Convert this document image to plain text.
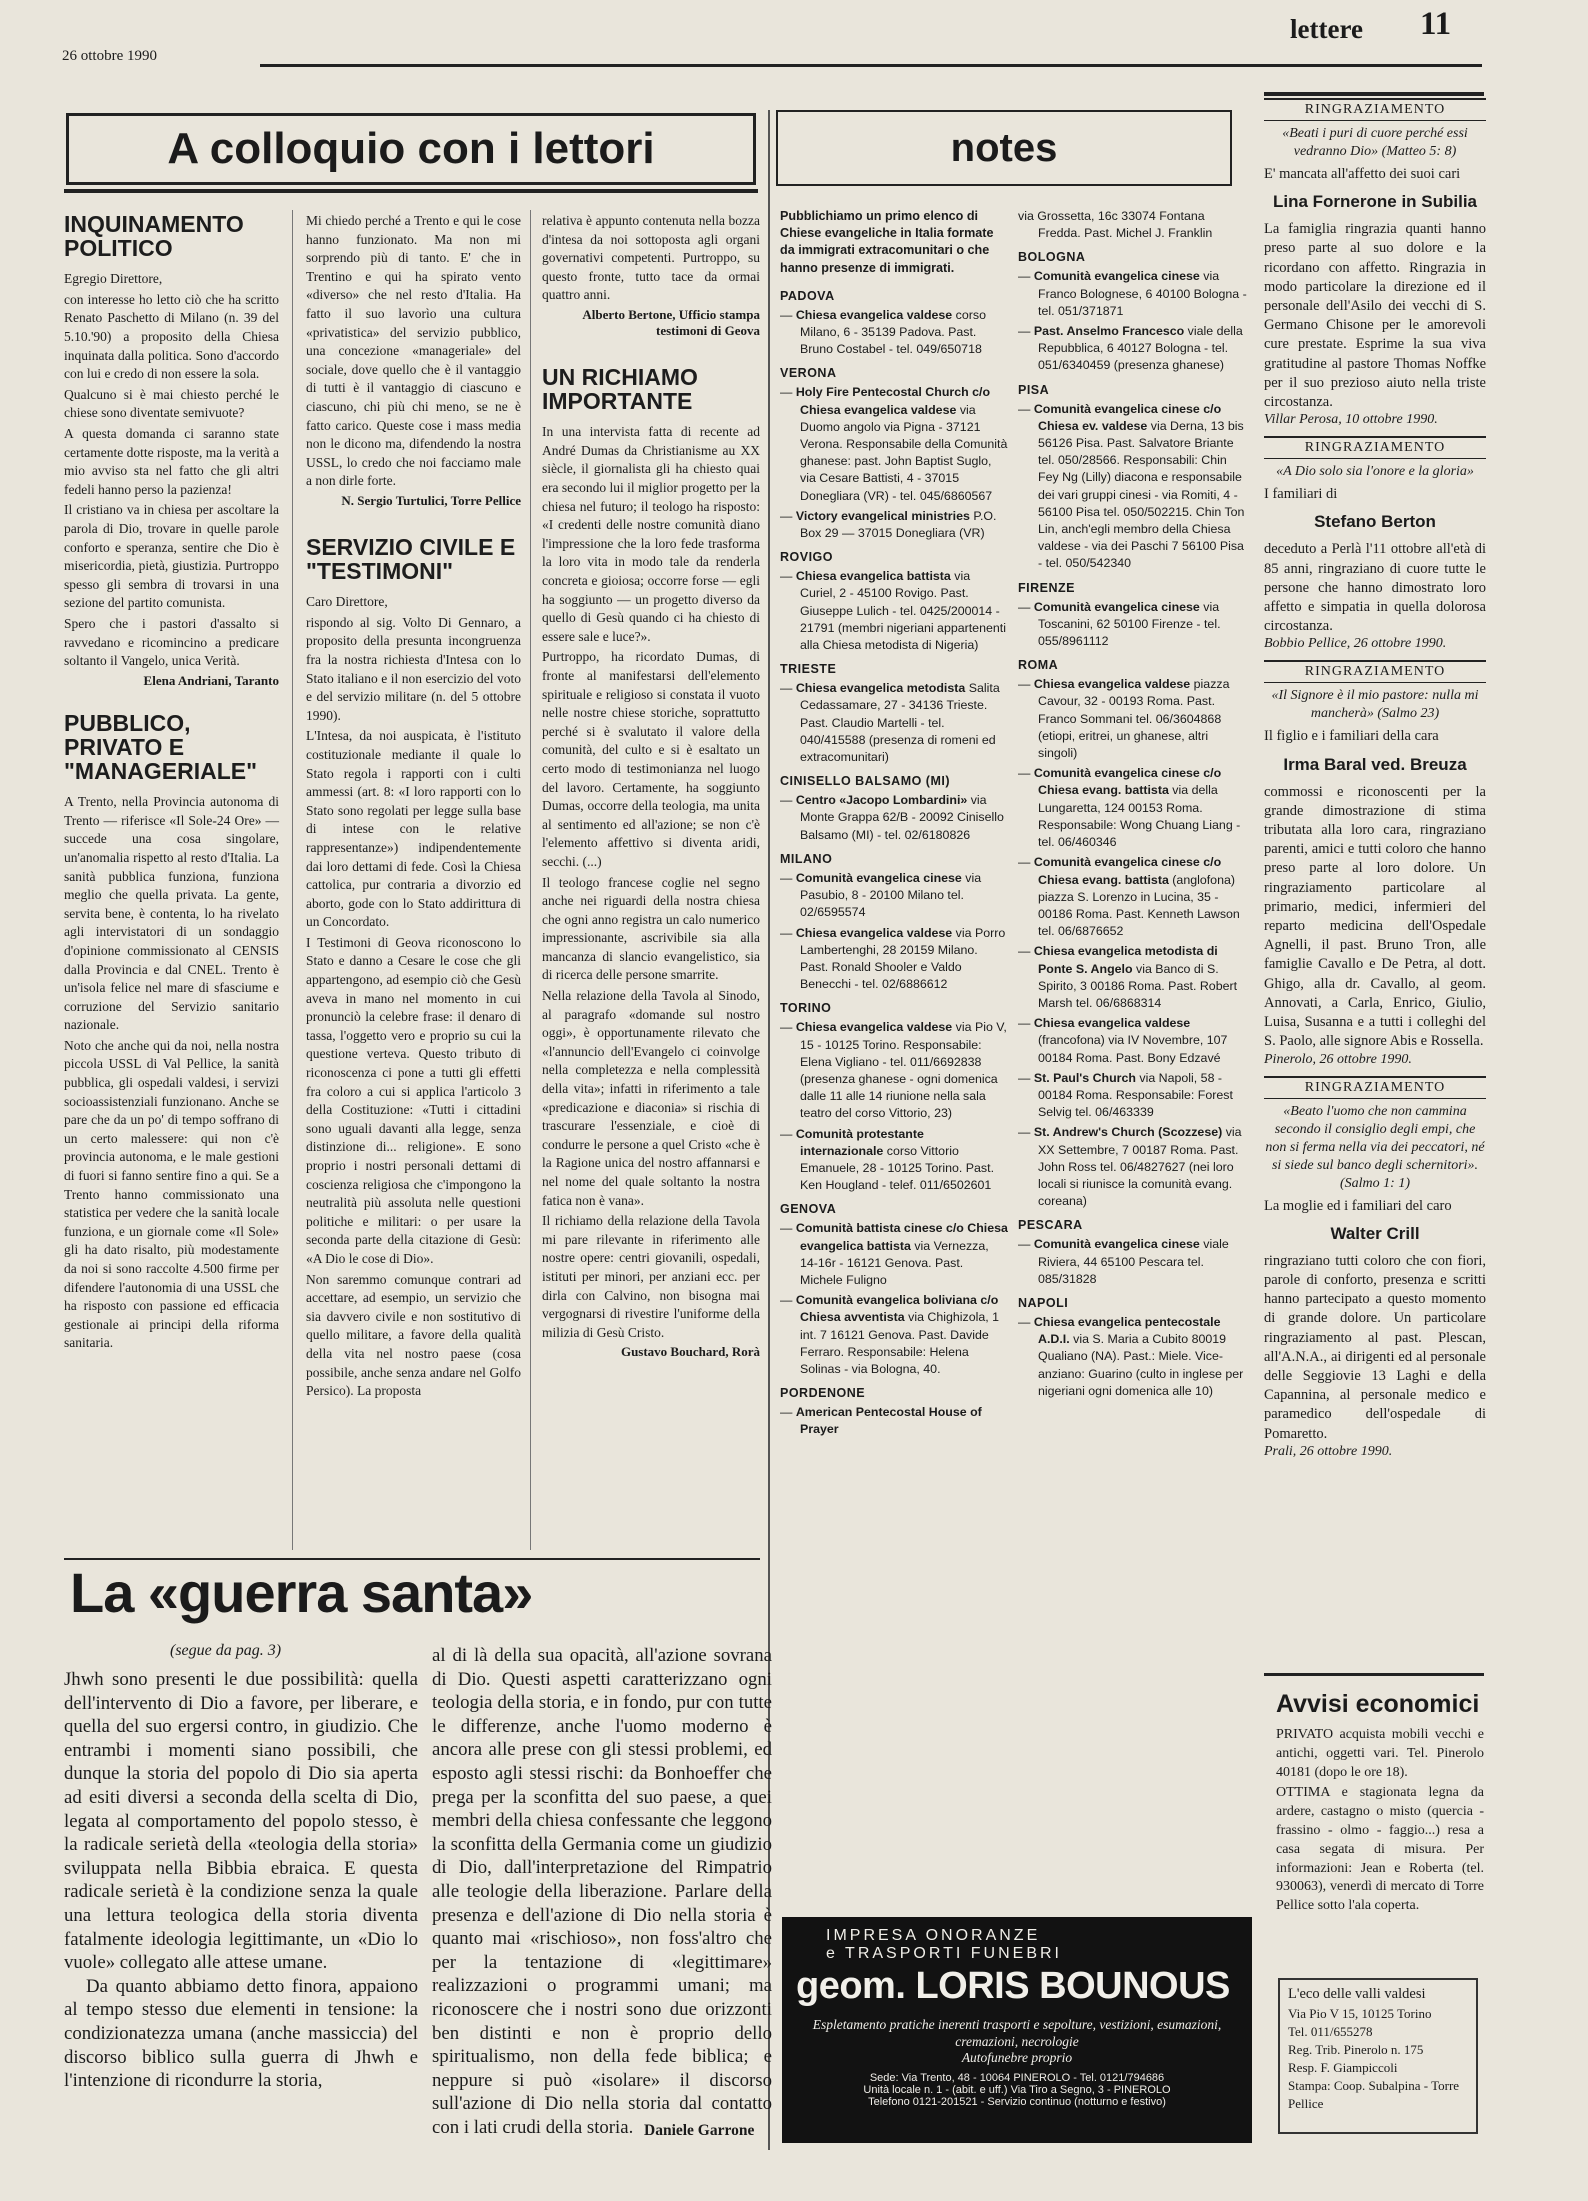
26 ottobre 1990
lettere 11
A colloquio con i lettori	notes
INQUINAMENTO POLITICO
Egregio Direttore,
con interesse ho letto ciò che ha scritto Renato Paschetto di Milano (n. 39 del 5.10.'90) a proposito della Chiesa inquinata dalla politica. Sono d'accordo con lui e credo di non essere la sola.
Qualcuno si è mai chiesto perché le chiese sono diventate semivuote?
A questa domanda ci saranno state certamente dotte risposte, ma la verità a mio avviso sta nel fatto che gli altri fedeli hanno perso la pazienza!
Il cristiano va in chiesa per ascoltare la parola di Dio, trovare in quelle parole conforto e speranza, sentire che Dio è misericordia, pietà, giustizia. Purtroppo spesso gli sembra di trovarsi in una sezione del partito comunista.
Spero che i pastori d'assalto si ravvedano e ricomincino a predicare soltanto il Vangelo, unica Verità.
Elena Andriani, Taranto
PUBBLICO, PRIVATO E "MANAGERIALE"
A Trento, nella Provincia autonoma di Trento — riferisce «Il Sole-24 Ore» — succede una cosa singolare, un'anomalia rispetto al resto d'Italia. La sanità pubblica funziona, funziona meglio che quella privata. La gente, servita bene, è contenta, lo ha rivelato agli intervistatori di un sondaggio d'opinione commissionato al CENSIS dalla Provincia e dal CNEL. Trento è un'isola felice nel mare di sfasciume e corruzione del Servizio sanitario nazionale.
Noto che anche qui da noi, nella nostra piccola USSL di Val Pellice, la sanità pubblica, gli ospedali valdesi, i servizi socioassistenziali funzionano. Anche se pare che da un po' di tempo soffrano di un certo malessere: qui non c'è provincia autonoma, e le male gestioni di fuori si fanno sentire fino a qui. Se a Trento hanno commissionato una statistica per vedere che la sanità locale funziona, e un giornale come «Il Sole» gli ha dato risalto, più modestamente da noi si sono raccolte 4.500 firme per difendere l'autonomia di una USSL che ha risposto con passione ed efficacia gestionale ai principi della riforma sanitaria.
Mi chiedo perché a Trento e qui le cose hanno funzionato. Ma non mi sorprendo più di tanto. E' che in Trentino e qui ha spirato vento «diverso» che nel resto d'Italia. Ha fatto il suo lavorìo una cultura «privatistica» del servizio pubblico, una concezione «manageriale» del sociale, dove quello che è il vantaggio di tutti è il vantaggio di ciascuno e ciascuno, chi più chi meno, se ne è fatto carico. Queste cose i mass media non le dicono ma, difendendo la nostra USSL, lo credo che noi facciamo male a non dirle forte.
N. Sergio Turtulici, Torre Pellice
SERVIZIO CIVILE E "TESTIMONI"
Caro Direttore,
rispondo al sig. Volto Di Gennaro, a proposito della presunta incongruenza fra la nostra richiesta d'Intesa con lo Stato italiano e il non esercizio del voto e del servizio militare (n. del 5 ottobre 1990).
L'Intesa, da noi auspicata, è l'istituto costituzionale mediante il quale lo Stato regola i rapporti con i culti ammessi (art. 8: «I loro rapporti con lo Stato sono regolati per legge sulla base di intese con le relative rappresentanze») indipendentemente dai loro dettami di fede. Così la Chiesa cattolica, pur contraria a divorzio ed aborto, gode con lo Stato addirittura di un Concordato.
I Testimoni di Geova riconoscono lo Stato e danno a Cesare le cose che gli appartengono, ad esempio ciò che Gesù aveva in mano nel momento in cui pronunciò la celebre frase: il denaro di tassa, l'oggetto vero e proprio su cui la questione verteva. Questo tributo di riconoscenza ci pone a tutti gli effetti fra coloro a cui si applica l'articolo 3 della Costituzione: «Tutti i cittadini sono uguali davanti alla legge, senza distinzione di... religione». E sono proprio i nostri personali dettami di coscienza religiosa che c'impongono la neutralità più assoluta nelle questioni politiche e militari: o per usare la seconda parte della citazione di Gesù: «A Dio le cose di Dio».
Non saremmo comunque contrari ad accettare, ad esempio, un servizio che sia davvero civile e non sostitutivo di quello militare, a favore della qualità della vita nel nostro paese (cosa possibile, anche senza andare nel Golfo Persico). La proposta
relativa è appunto contenuta nella bozza d'intesa da noi sottoposta agli organi governativi competenti. Purtroppo, su questo fronte, tutto tace da ormai quattro anni.
Alberto Bertone, Ufficio stampa testimoni di Geova
UN RICHIAMO IMPORTANTE
In una intervista fatta di recente ad André Dumas da Christianisme au XX siècle, il giornalista gli ha chiesto quai era secondo lui il miglior progetto per la chiesa nel futuro; il teologo ha risposto: «I credenti delle nostre comunità diano l'impressione che la loro fede trasforma la loro vita in modo tale da renderla concreta e gioiosa; occorre forse — egli ha soggiunto — un progetto diverso da quello di Gesù quando ci ha chiesto di essere sale e luce?».
Purtroppo, ha ricordato Dumas, di fronte al manifestarsi dell'elemento spirituale e religioso si constata il vuoto nelle nostre chiese storiche, soprattutto perché si è svalutato il valore della comunità, del culto e si è esaltato un certo modo di testimonianza nel luogo del lavoro. Certamente, ha soggiunto Dumas, occorre della teologia, ma unita al sentimento ed all'azione; se non c'è l'elemento affettivo si diventa aridi, secchi. (...)
Il teologo francese coglie nel segno anche nei riguardi della nostra chiesa che ogni anno registra un calo numerico impressionante, ascrivibile sia alla mancanza di slancio evangelistico, sia di ricerca delle persone smarrite.
Nella relazione della Tavola al Sinodo, al paragrafo «domande sul nostro oggi», è opportunamente rilevato che «l'annuncio dell'Evangelo ci coinvolge nella completezza e nella complessità della vita»; infatti in riferimento a tale «predicazione e diaconia» si rischia di trascurare l'essenziale, e cioè di condurre le persone a quel Cristo «che è la Ragione unica del nostro affannarsi e nel nome del quale soltanto la nostra fatica non è vana».
Il richiamo della relazione della Tavola mi pare rilevante in riferimento alle nostre opere: centri giovanili, ospedali, istituti per minori, per anziani ecc. per dirla con Calvino, non bisogna mai vergognarsi di rivestire l'uniforme della milizia di Gesù Cristo.
Gustavo Bouchard, Rorà
Pubblichiamo un primo elenco di Chiese evangeliche in Italia formate da immigrati extracomunitari o che hanno presenze di immigrati.
PADOVA
— Chiesa evangelica valdese corso Milano, 6 - 35139 Padova. Past. Bruno Costabel - tel. 049/650718
VERONA
— Holy Fire Pentecostal Church c/o Chiesa evangelica valdese via Duomo angolo via Pigna - 37121 Verona. Responsabile della Comunità ghanese: past. John Baptist Suglo, via Cesare Battisti, 4 - 37015 Donegliara (VR) - tel. 045/6860567
— Victory evangelical ministries P.O. Box 29 — 37015 Donegliara (VR)
ROVIGO
— Chiesa evangelica battista via Curiel, 2 - 45100 Rovigo. Past. Giuseppe Lulich - tel. 0425/200014 - 21791 (membri nigeriani appartenenti alla Chiesa metodista di Nigeria)
TRIESTE
— Chiesa evangelica metodista Salita Cedassamare, 27 - 34136 Trieste. Past. Claudio Martelli - tel. 040/415588 (presenza di romeni ed extracomunitari)
CINISELLO BALSAMO (MI)
— Centro «Jacopo Lombardini» via Monte Grappa 62/B - 20092 Cinisello Balsamo (MI) - tel. 02/6180826
MILANO
— Comunità evangelica cinese via Pasubio, 8 - 20100 Milano tel. 02/6595574
— Chiesa evangelica valdese via Porro Lambertenghi, 28 20159 Milano. Past. Ronald Shooler e Valdo Benecchi - tel. 02/6886612
TORINO
— Chiesa evangelica valdese via Pio V, 15 - 10125 Torino. Responsabile: Elena Vigliano - tel. 011/6692838 (presenza ghanese - ogni domenica dalle 11 alle 14 riunione nella sala teatro del corso Vittorio, 23)
— Comunità protestante internazionale corso Vittorio Emanuele, 28 - 10125 Torino. Past. Ken Hougland - telef. 011/6502601
GENOVA
— Comunità battista cinese c/o Chiesa evangelica battista via Vernezza, 14-16r - 16121 Genova. Past. Michele Fuligno
— Comunità evangelica boliviana c/o Chiesa avventista via Chighizola, 1 int. 7 16121 Genova. Past. Davide Ferraro. Responsabile: Helena Solinas - via Bologna, 40.
PORDENONE
— American Pentecostal House of Prayer
via Grossetta, 16c 33074 Fontana Fredda. Past. Michel J. Franklin
BOLOGNA
— Comunità evangelica cinese via Franco Bolognese, 6 40100 Bologna - tel. 051/371871
— Past. Anselmo Francesco viale della Repubblica, 6 40127 Bologna - tel. 051/6340459 (presenza ghanese)
PISA
— Comunità evangelica cinese c/o Chiesa ev. valdese via Derna, 13 bis 56126 Pisa. Past. Salvatore Briante tel. 050/28566. Responsabili: Chin Fey Ng (Lilly) diacona e responsabile dei vari gruppi cinesi - via Romiti, 4 - 56100 Pisa tel. 050/502215. Chin Ton Lin, anch'egli membro della Chiesa valdese - via dei Paschi 7 56100 Pisa - tel. 050/542340
FIRENZE
— Comunità evangelica cinese via Toscanini, 62 50100 Firenze - tel. 055/8961112
ROMA
— Chiesa evangelica valdese piazza Cavour, 32 - 00193 Roma. Past. Franco Sommani tel. 06/3604868 (etiopi, eritrei, un ghanese, altri singoli)
— Comunità evangelica cinese c/o Chiesa evang. battista via della Lungaretta, 124 00153 Roma. Responsabile: Wong Chuang Liang - tel. 06/460346
— Comunità evangelica cinese c/o Chiesa evang. battista (anglofona) piazza S. Lorenzo in Lucina, 35 - 00186 Roma. Past. Kenneth Lawson tel. 06/6876652
— Chiesa evangelica metodista di Ponte S. Angelo via Banco di S. Spirito, 3 00186 Roma. Past. Robert Marsh tel. 06/6868314
— Chiesa evangelica valdese (francofona) via IV Novembre, 107 00184 Roma. Past. Bony Edzavé
— St. Paul's Church via Napoli, 58 - 00184 Roma. Responsabile: Forest Selvig tel. 06/463339
— St. Andrew's Church (Scozzese) via XX Settembre, 7 00187 Roma. Past. John Ross tel. 06/4827627 (nei loro locali si riunisce la comunità evang. coreana)
PESCARA
— Comunità evangelica cinese viale Riviera, 44 65100 Pescara tel. 085/31828
NAPOLI
— Chiesa evangelica pentecostale A.D.I. via S. Maria a Cubito 80019 Qualiano (NA). Past.: Miele. Vice-anziano: Guarino (culto in inglese per nigeriani ogni domenica alle 10)
IMPRESA ONORANZE
e TRASPORTI FUNEBRI
geom. LORIS BOUNOUS
Espletamento pratiche inerenti trasporti e sepolture, vestizioni, esumazioni, cremazioni, necrologie
Autofunebre proprio
Sede: Via Trento, 48 - 10064 PINEROLO - Tel. 0121/794686
Unità locale n. 1 - (abit. e uff.) Via Tiro a Segno, 3 - PINEROLO
Telefono 0121-201521 - Servizio continuo (notturno e festivo)
La «guerra santa»
(segue da pag. 3)
Jhwh sono presenti le due possibilità: quella dell'intervento di Dio a favore, per liberare, e quella del suo ergersi contro, in giudizio. Che entrambi i momenti siano possibili, che dunque la storia del popolo di Dio sia aperta ad esiti diversi a seconda della scelta di Dio, legata al comportamento del popolo stesso, è la radicale serietà della «teologia della storia» sviluppata nella Bibbia ebraica. E questa radicale serietà è la condizione senza la quale una lettura teologica della storia diventa fatalmente ideologia legittimante, un «Dio lo vuole» collegato alle attese umane.
Da quanto abbiamo detto finora, appaiono al tempo stesso due elementi in tensione: la condizionatezza umana (anche massiccia) del discorso biblico sulla guerra di Jhwh e l'intenzione di ricondurre la storia,
al di là della sua opacità, all'azione sovrana di Dio. Questi aspetti caratterizzano ogni teologia della storia, e in fondo, pur con tutte le differenze, anche l'uomo moderno è ancora alle prese con gli stessi problemi, ed esposto agli stessi rischi: da Bonhoeffer che prega per la sconfitta del suo paese, a quei membri della chiesa confessante che leggono la sconfitta della Germania come un giudizio di Dio, dall'interpretazione del Rimpatrio alle teologie della liberazione. Parlare della presenza e dell'azione di Dio nella storia è quanto mai «rischioso», non foss'altro che per la tentazione di «legittimare» realizzazioni o programmi umani; ma riconoscere che i nostri sono due orizzonti ben distinti e non è proprio dello spiritualismo, non della fede biblica; e neppure si può «isolare» il discorso sull'azione di Dio nella storia dal contatto con i lati crudi della storia. Daniele Garrone
RINGRAZIAMENTO
«Beati i puri di cuore perché essi vedranno Dio» (Matteo 5: 8)
E' mancata all'affetto dei suoi cari
Lina Fornerone in Subilia
La famiglia ringrazia quanti hanno preso parte al suo dolore e la ricordano con affetto. Ringrazia in modo particolare la direzione ed il personale dell'Asilo dei vecchi di S. Germano Chisone per le amorevoli cure prestate. Esprime la sua viva gratitudine al pastore Thomas Noffke per il suo prezioso aiuto nella triste circostanza.
Villar Perosa, 10 ottobre 1990.
RINGRAZIAMENTO
«A Dio solo sia l'onore e la gloria»
I familiari di
Stefano Berton
deceduto a Perlà l'11 ottobre all'età di 85 anni, ringraziano di cuore tutte le persone che hanno dimostrato loro affetto e simpatia in quella dolorosa circostanza.
Bobbio Pellice, 26 ottobre 1990.
RINGRAZIAMENTO
«Il Signore è il mio pastore: nulla mi mancherà» (Salmo 23)
Il figlio e i familiari della cara
Irma Baral ved. Breuza
commossi e riconoscenti per la grande dimostrazione di stima tributata alla loro cara, ringraziano parenti, amici e tutti coloro che hanno preso parte al loro dolore. Un ringraziamento particolare al primario, medici, infermieri del reparto medicina dell'Ospedale Agnelli, il past. Bruno Tron, alle famiglie Cavallo e De Petra, al dott. Ghigo, alla dr. Cavallo, al geom. Annovati, a Carla, Enrico, Giulio, Luisa, Susanna e a tutti i colleghi del S. Paolo, alle signore Abis e Rossella.
Pinerolo, 26 ottobre 1990.
RINGRAZIAMENTO
«Beato l'uomo che non cammina secondo il consiglio degli empi, che non si ferma nella via dei peccatori, né si siede sul banco degli schernitori». (Salmo 1: 1)
La moglie ed i familiari del caro
Walter Crill
ringraziano tutti coloro che con fiori, parole di conforto, presenza e scritti hanno partecipato a questo momento di grande dolore. Un particolare ringraziamento al past. Plescan, all'A.N.A., ai dirigenti ed al personale delle Seggiovie 13 Laghi e della Capannina, al personale medico e paramedico dell'ospedale di Pomaretto.
Prali, 26 ottobre 1990.
Avvisi economici
PRIVATO acquista mobili vecchi e antichi, oggetti vari. Tel. Pinerolo 40181 (dopo le ore 18).
OTTIMA e stagionata legna da ardere, castagno o misto (quercia - frassino - olmo - faggio...) resa a casa segata di misura. Per informazioni: Jean e Roberta (tel. 930063), venerdì di mercato di Torre Pellice sotto l'ala coperta.
L'eco delle valli valdesi
Via Pio V 15, 10125 Torino
Tel. 011/655278
Reg. Trib. Pinerolo n. 175
Resp. F. Giampiccoli
Stampa: Coop. Subalpina - Torre Pellice
